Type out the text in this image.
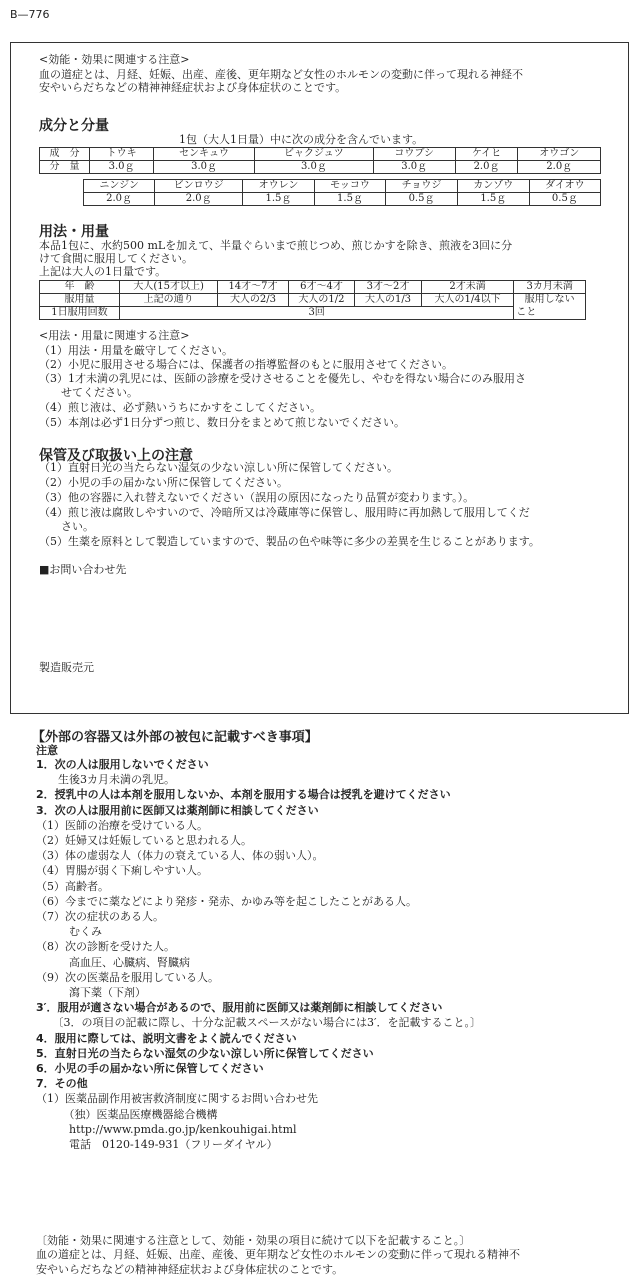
B—776
<効能・効果に関連する注意>
血の道症とは、月経、妊娠、出産、産後、更年期など女性のホルモンの変動に伴って現れる神経不
安やいらだちなどの精神神経症状および身体症状のことです。
成分と分量
1包（大人1日量）中に次の成分を含んでいます。
成　分	トウキ	センキュウ	ビャクジュツ	コウブシ	ケイヒ	オウゴン
分　量	3.0ｇ	3.0ｇ	3.0ｇ	3.0ｇ	2.0ｇ	2.0ｇ
ニンジン	ビンロウジ	オウレン	モッコウ	チョウジ	カンゾウ	ダイオウ
2.0ｇ	2.0ｇ	1.5ｇ	1.5ｇ	0.5ｇ	1.5ｇ	0.5ｇ
用法・用量
本品1包に、水約500 mLを加えて、半量ぐらいまで煎じつめ、煎じかすを除き、煎液を3回に分
けて食間に服用してください。
上記は大人の1日量です。
年　齢	大人(15才以上)	14才〜7才	6才〜4才	3才〜2才	2才未満	3カ月未満
服用量	上記の通り	大人の2/3	大人の1/2	大人の1/3	大人の1/4以下	服用しない
1日服用回数	3回					こと
<用法・用量に関連する注意>
（1）用法・用量を厳守してください。
（2）小児に服用させる場合には、保護者の指導監督のもとに服用させてください。
（3）1才未満の乳児には、医師の診療を受けさせることを優先し、やむを得ない場合にのみ服用さ
　　せてください。
（4）煎じ液は、必ず熱いうちにかすをこしてください。
（5）本剤は必ず1日分ずつ煎じ、数日分をまとめて煎じないでください。
保管及び取扱い上の注意
（1）直射日光の当たらない湿気の少ない涼しい所に保管してください。
（2）小児の手の届かない所に保管してください。
（3）他の容器に入れ替えないでください（誤用の原因になったり品質が変わります。）。
（4）煎じ液は腐敗しやすいので、冷暗所又は冷蔵庫等に保管し、服用時に再加熱して服用してくだ
　　さい。
（5）生薬を原料として製造していますので、製品の色や味等に多少の差異を生じることがあります。
■お問い合わせ先
製造販売元
【外部の容器又は外部の被包に記載すべき事項】
注意
1．次の人は服用しないでください
　　生後3カ月未満の乳児。
2．授乳中の人は本剤を服用しないか、本剤を服用する場合は授乳を避けてください
3．次の人は服用前に医師又は薬剤師に相談してください
（1）医師の治療を受けている人。
（2）妊婦又は妊娠していると思われる人。
（3）体の虚弱な人（体力の衰えている人、体の弱い人）。
（4）胃腸が弱く下痢しやすい人。
（5）高齢者。
（6）今までに薬などにより発疹・発赤、かゆみ等を起こしたことがある人。
（7）次の症状のある人。
　　　むくみ
（8）次の診断を受けた人。
　　　高血圧、心臓病、腎臓病
（9）次の医薬品を服用している人。
　　　瀉下薬（下剤）
3′．服用が適さない場合があるので、服用前に医師又は薬剤師に相談してください
　　〔3．の項目の記載に際し、十分な記載スペースがない場合には3′．を記載すること。〕
4．服用に際しては、説明文書をよく読んでください
5．直射日光の当たらない湿気の少ない涼しい所に保管してください
6．小児の手の届かない所に保管してください
7．その他
（1）医薬品副作用被害救済制度に関するお問い合わせ先
　　　（独）医薬品医療機器総合機構
　　　http://www.pmda.go.jp/kenkouhigai.html
　　　電話　0120-149-931（フリーダイヤル）
〔効能・効果に関連する注意として、効能・効果の項目に続けて以下を記載すること。〕
血の道症とは、月経、妊娠、出産、産後、更年期など女性のホルモンの変動に伴って現れる精神不
安やいらだちなどの精神神経症状および身体症状のことです。
